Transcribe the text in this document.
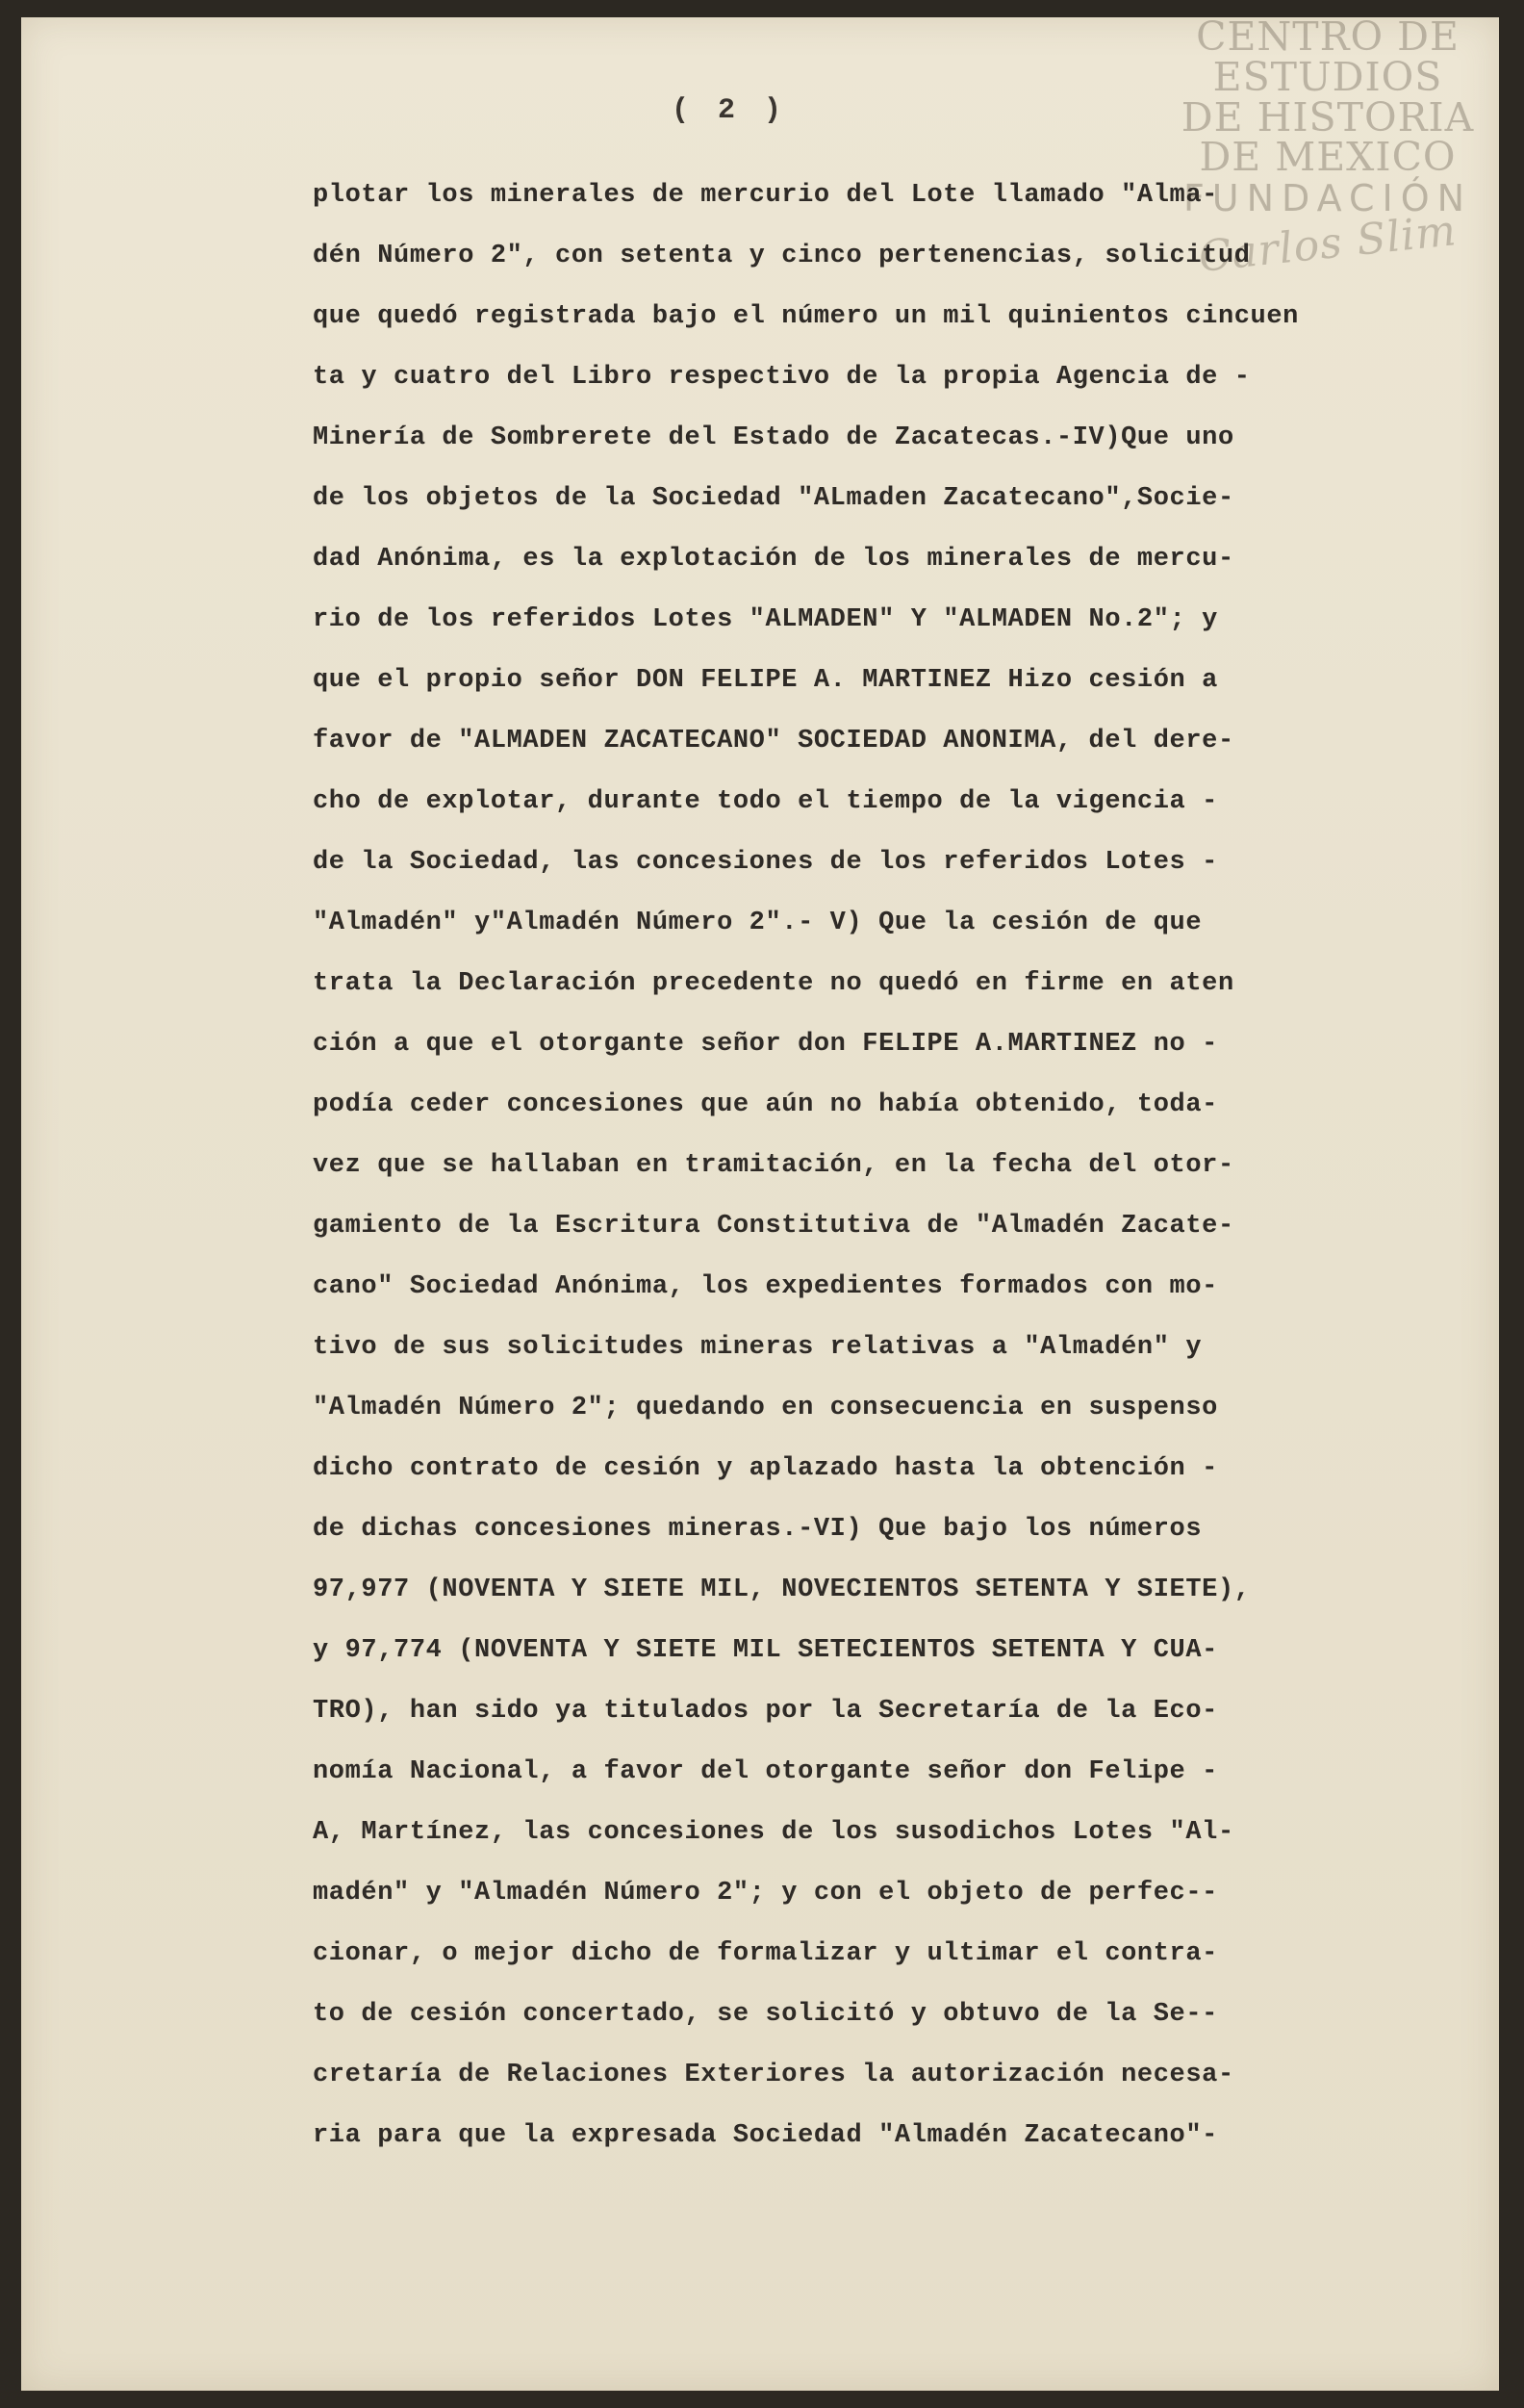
CENTRO DE
ESTUDIOS
DE HISTORIA
DE MEXICO
FUNDACIÓN
Carlos Slim
( 2 )
plotar los minerales de mercurio del Lote llamado "Alma-
dén Número 2", con setenta y cinco pertenencias, solicitud
que quedó registrada bajo el número un mil quinientos cincuen
ta y cuatro del Libro respectivo de la propia Agencia de -
Minería de Sombrerete del Estado de Zacatecas.-IV)Que uno
de los objetos de la Sociedad "ALmaden Zacatecano",Socie-
dad Anónima, es la explotación de los minerales de mercu-
rio de los referidos Lotes "ALMADEN" Y "ALMADEN No.2"; y
que el propio señor DON FELIPE A. MARTINEZ Hizo cesión a
favor de "ALMADEN ZACATECANO" SOCIEDAD ANONIMA, del dere-
cho de explotar, durante todo el tiempo de la vigencia -
de la Sociedad, las concesiones de los referidos Lotes -
"Almadén" y"Almadén Número 2".- V) Que la cesión de que
trata la Declaración precedente no quedó en firme en aten
ción a que el otorgante señor don FELIPE A.MARTINEZ no -
podía ceder concesiones que aún no había obtenido, toda-
vez que se hallaban en tramitación, en la fecha del otor-
gamiento de la Escritura Constitutiva de "Almadén Zacate-
cano" Sociedad Anónima, los expedientes formados con mo-
tivo de sus solicitudes mineras relativas a "Almadén" y
"Almadén Número 2"; quedando en consecuencia en suspenso
dicho contrato de cesión y aplazado hasta la obtención -
de dichas concesiones mineras.-VI) Que bajo los números
97,977 (NOVENTA Y SIETE MIL, NOVECIENTOS SETENTA Y SIETE),
y 97,774 (NOVENTA Y SIETE MIL SETECIENTOS SETENTA Y CUA-
TRO), han sido ya titulados por la Secretaría de la Eco-
nomía Nacional, a favor del otorgante señor don Felipe -
A, Martínez, las concesiones de los susodichos Lotes "Al-
madén" y "Almadén Número 2"; y con el objeto de perfec--
cionar, o mejor dicho de formalizar y ultimar el contra-
to de cesión concertado, se solicitó y obtuvo de la Se--
cretaría de Relaciones Exteriores la autorización necesa-
ria para que la expresada Sociedad "Almadén Zacatecano"-
